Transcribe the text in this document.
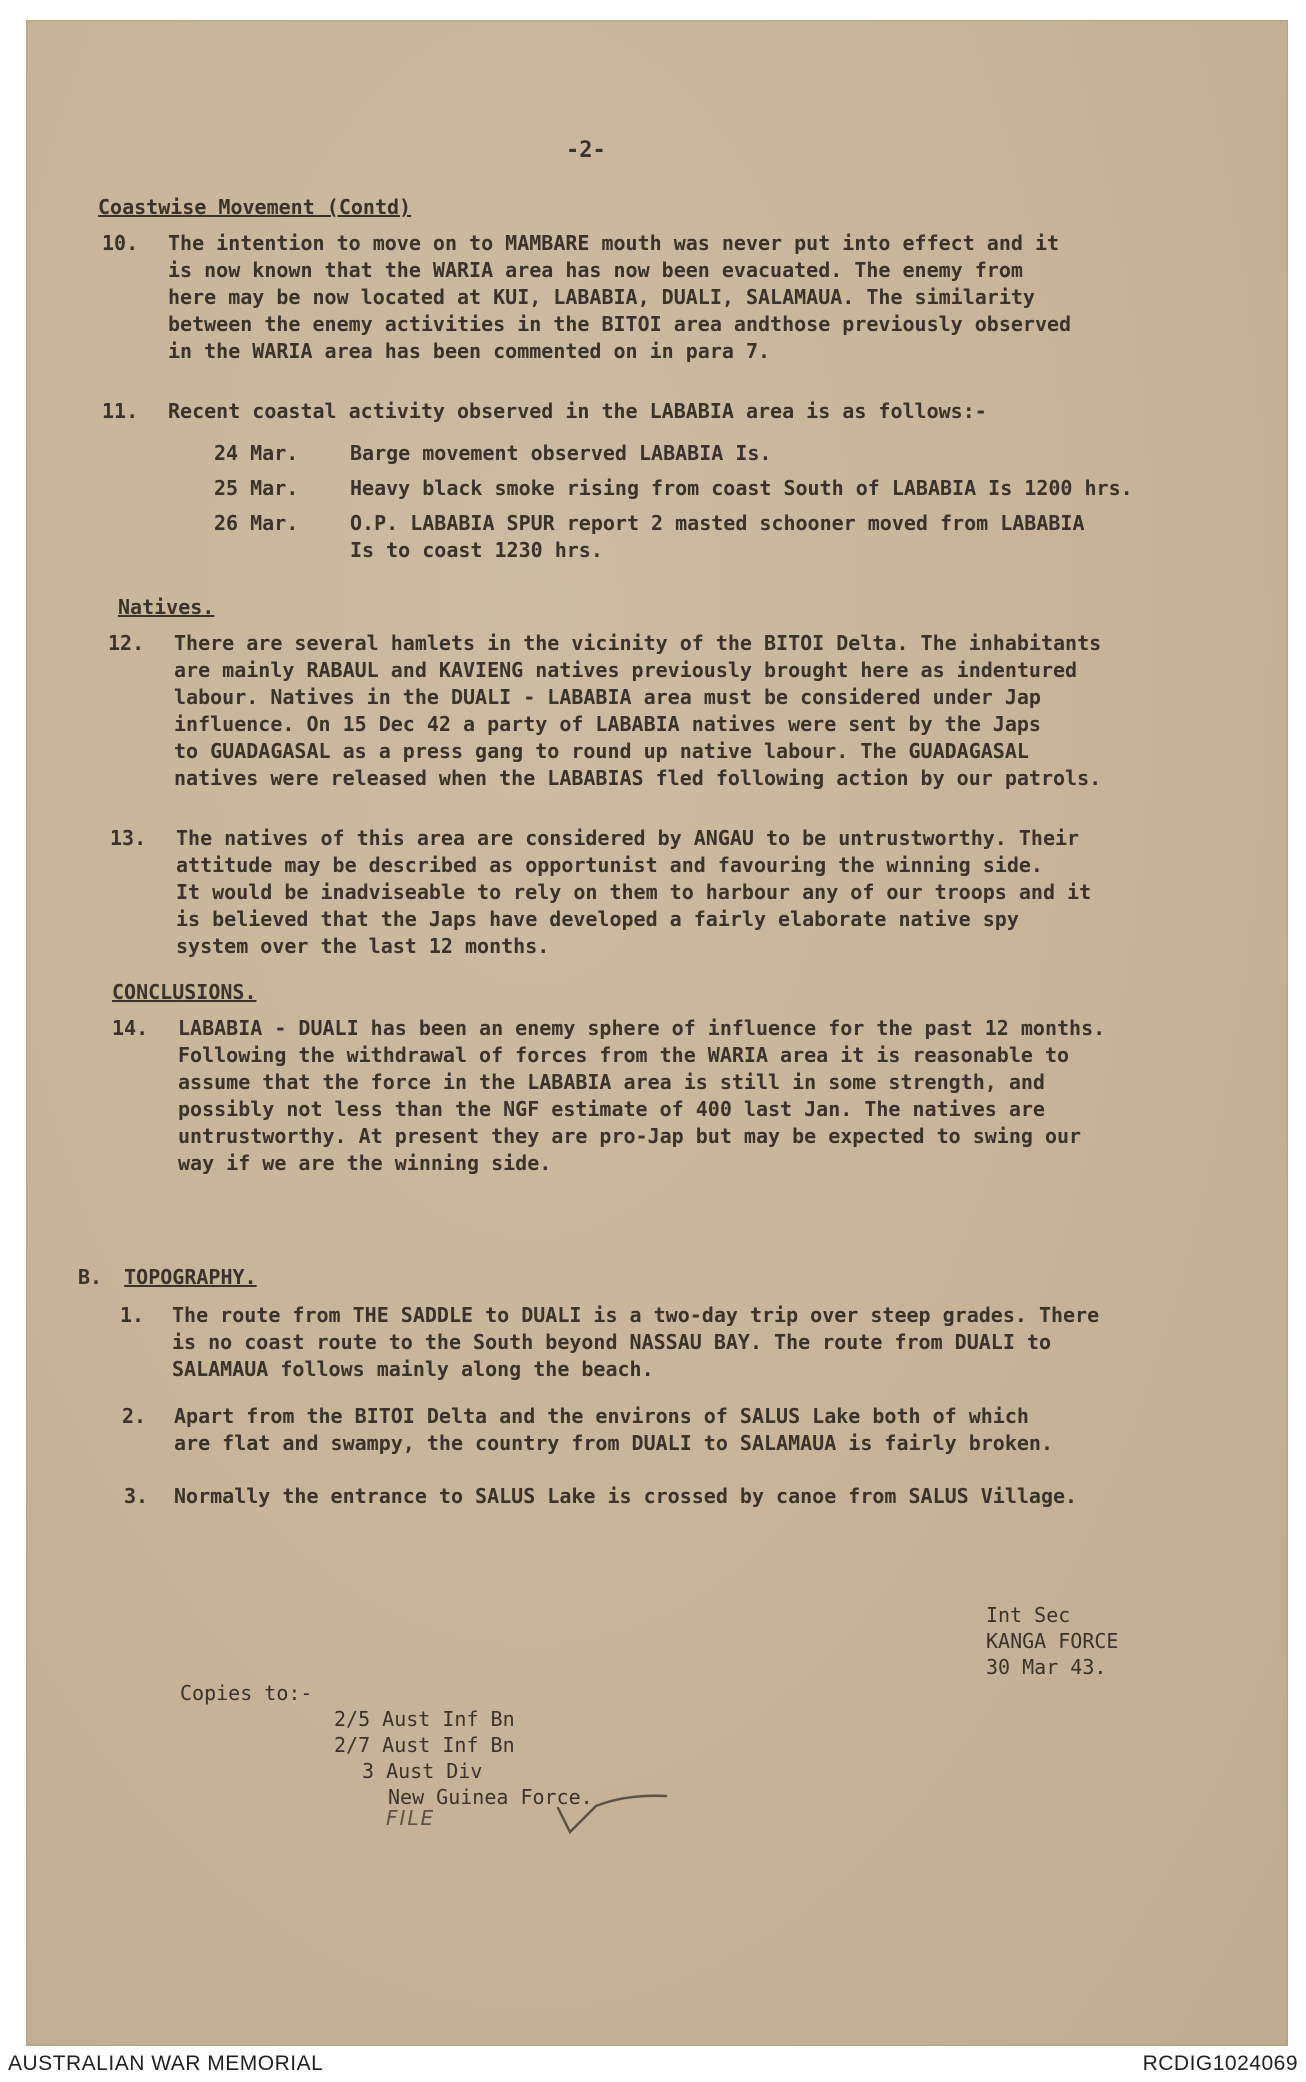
-2-
Coastwise Movement (Contd)
10. The intention to move on to MAMBARE mouth was never put into effect and it
is now known that the WARIA area has now been evacuated. The enemy from
here may be now located at KUI, LABABIA, DUALI, SALAMAUA. The similarity
between the enemy activities in the BITOI area andthose previously observed
in the WARIA area has been commented on in para 7.
11. Recent coastal activity observed in the LABABIA area is as follows:-
24 Mar.	Barge movement observed LABABIA Is.
25 Mar.	Heavy black smoke rising from coast South of LABABIA Is 1200 hrs.
26 Mar.	O.P. LABABIA SPUR report 2 masted schooner moved from LABABIA
Is to coast 1230 hrs.
Natives.
12. There are several hamlets in the vicinity of the BITOI Delta. The inhabitants
are mainly RABAUL and KAVIENG natives previously brought here as indentured
labour. Natives in the DUALI - LABABIA area must be considered under Jap
influence. On 15 Dec 42 a party of LABABIA natives were sent by the Japs
to GUADAGASAL as a press gang to round up native labour. The GUADAGASAL
natives were released when the LABABIAS fled following action by our patrols.
13. The natives of this area are considered by ANGAU to be untrustworthy. Their
attitude may be described as opportunist and favouring the winning side.
It would be inadviseable to rely on them to harbour any of our troops and it
is believed that the Japs have developed a fairly elaborate native spy
system over the last 12 months.
CONCLUSIONS.
14. LABABIA - DUALI has been an enemy sphere of influence for the past 12 months.
Following the withdrawal of forces from the WARIA area it is reasonable to
assume that the force in the LABABIA area is still in some strength, and
possibly not less than the NGF estimate of 400 last Jan. The natives are
untrustworthy. At present they are pro-Jap but may be expected to swing our
way if we are the winning side.
B. TOPOGRAPHY.
1. The route from THE SADDLE to DUALI is a two-day trip over steep grades. There
is no coast route to the South beyond NASSAU BAY. The route from DUALI to
SALAMAUA follows mainly along the beach.
2. Apart from the BITOI Delta and the environs of SALUS Lake both of which
are flat and swampy, the country from DUALI to SALAMAUA is fairly broken.
3. Normally the entrance to SALUS Lake is crossed by canoe from SALUS Village.
Int Sec
KANGA FORCE
30 Mar 43.
Copies to:-
2/5 Aust Inf Bn
2/7 Aust Inf Bn
3 Aust Div
New Guinea Force.
FILE
AUSTRALIAN WAR MEMORIAL	RCDIG1024069
